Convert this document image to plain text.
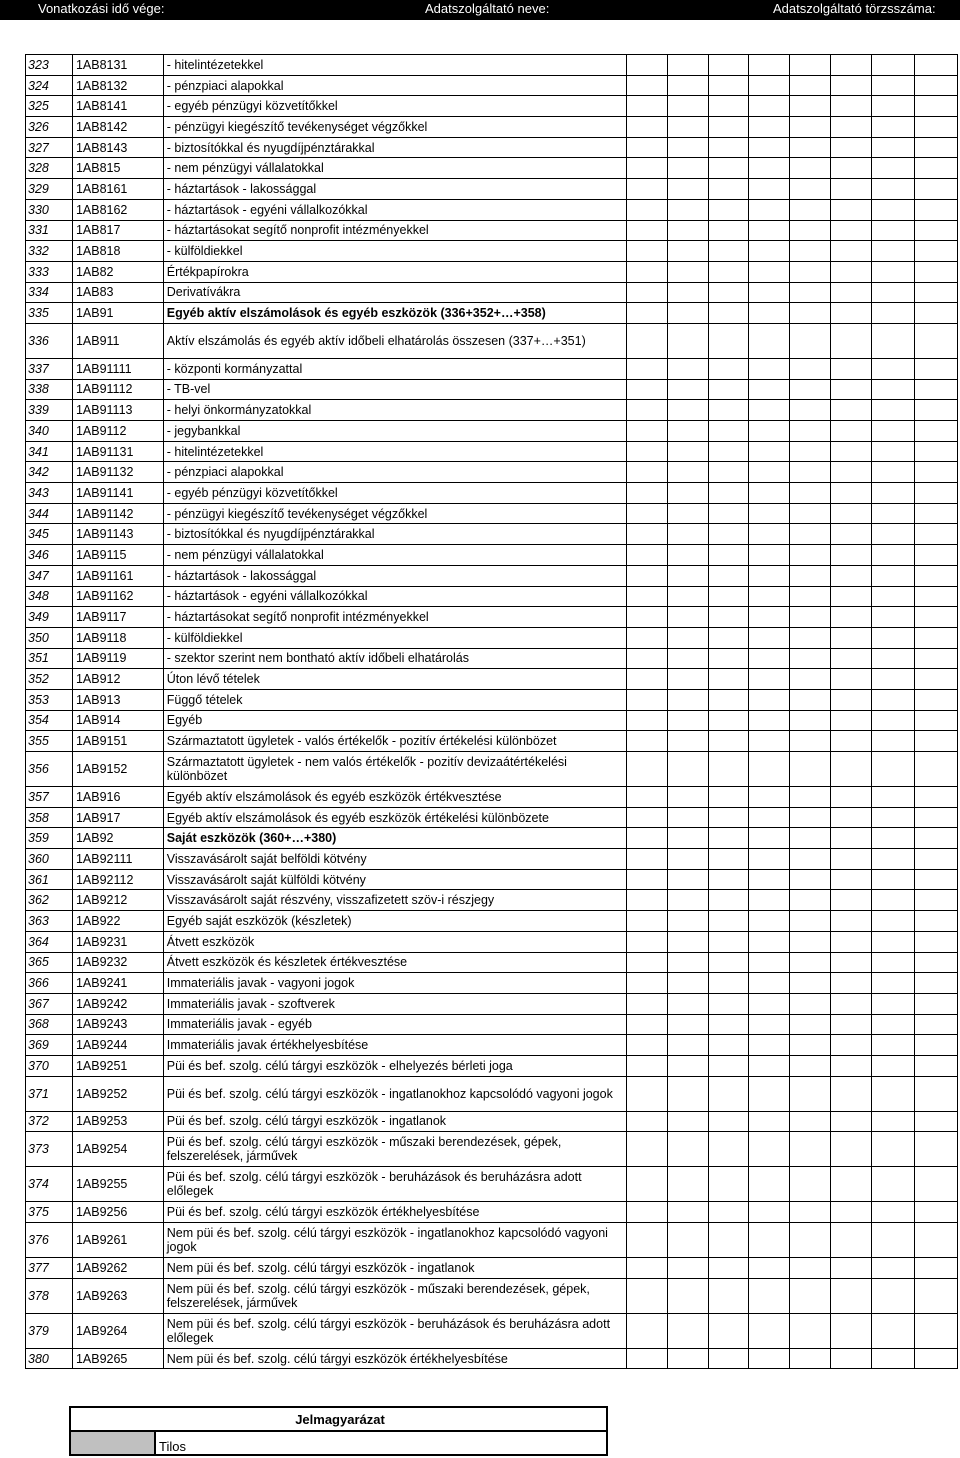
Vonatkozási idő vége:	Adatszolgáltató neve:	Adatszolgáltató törzsszáma:
323	1AB8131	- hitelintézetekkel								
324	1AB8132	- pénzpiaci alapokkal								
325	1AB8141	- egyéb pénzügyi közvetítőkkel								
326	1AB8142	- pénzügyi kiegészítő tevékenységet végzőkkel								
327	1AB8143	- biztosítókkal és nyugdíjpénztárakkal								
328	1AB815	- nem pénzügyi vállalatokkal								
329	1AB8161	- háztartások - lakossággal								
330	1AB8162	- háztartások - egyéni vállalkozókkal								
331	1AB817	- háztartásokat segítő nonprofit intézményekkel								
332	1AB818	- külföldiekkel								
333	1AB82	Értékpapírokra								
334	1AB83	Derivatívákra								
335	1AB91	Egyéb aktív elszámolások és egyéb eszközök (336+352+…+358)								
336	1AB911	Aktív elszámolás és egyéb aktív időbeli elhatárolás összesen (337+…+351)								
337	1AB91111	- központi kormányzattal								
338	1AB91112	- TB-vel								
339	1AB91113	- helyi önkormányzatokkal								
340	1AB9112	- jegybankkal								
341	1AB91131	- hitelintézetekkel								
342	1AB91132	- pénzpiaci alapokkal								
343	1AB91141	- egyéb pénzügyi közvetítőkkel								
344	1AB91142	- pénzügyi kiegészítő tevékenységet végzőkkel								
345	1AB91143	- biztosítókkal és nyugdíjpénztárakkal								
346	1AB9115	- nem pénzügyi vállalatokkal								
347	1AB91161	- háztartások - lakossággal								
348	1AB91162	- háztartások - egyéni vállalkozókkal								
349	1AB9117	- háztartásokat segítő nonprofit intézményekkel								
350	1AB9118	- külföldiekkel								
351	1AB9119	- szektor szerint nem bontható aktív időbeli elhatárolás								
352	1AB912	Úton lévő tételek								
353	1AB913	Függő tételek								
354	1AB914	Egyéb								
355	1AB9151	Származtatott ügyletek - valós értékelők - pozitív értékelési különbözet								
356	1AB9152	Származtatott ügyletek - nem valós értékelők - pozitív devizaátértékelési különbözet								
357	1AB916	Egyéb aktív elszámolások és egyéb eszközök értékvesztése								
358	1AB917	Egyéb aktív elszámolások és egyéb eszközök értékelési különbözete								
359	1AB92	Saját eszközök (360+…+380)								
360	1AB92111	Visszavásárolt saját belföldi kötvény								
361	1AB92112	Visszavásárolt saját külföldi kötvény								
362	1AB9212	Visszavásárolt saját részvény, visszafizetett szöv-i részjegy								
363	1AB922	Egyéb saját eszközök (készletek)								
364	1AB9231	Átvett eszközök								
365	1AB9232	Átvett eszközök és készletek értékvesztése								
366	1AB9241	Immateriális javak - vagyoni jogok								
367	1AB9242	Immateriális javak - szoftverek								
368	1AB9243	Immateriális javak - egyéb								
369	1AB9244	Immateriális javak értékhelyesbítése								
370	1AB9251	Püi és bef. szolg. célú tárgyi eszközök - elhelyezés bérleti joga								
371	1AB9252	Püi és bef. szolg. célú tárgyi eszközök - ingatlanokhoz kapcsolódó vagyoni jogok								
372	1AB9253	Püi és bef. szolg. célú tárgyi eszközök - ingatlanok								
373	1AB9254	Püi és bef. szolg. célú tárgyi eszközök - műszaki berendezések, gépek, felszerelések, járművek								
374	1AB9255	Püi és bef. szolg. célú tárgyi eszközök - beruházások és beruházásra adott előlegek								
375	1AB9256	Püi és bef. szolg. célú tárgyi eszközök értékhelyesbítése								
376	1AB9261	Nem püi és bef. szolg. célú tárgyi eszközök - ingatlanokhoz kapcsolódó vagyoni jogok								
377	1AB9262	Nem püi és bef. szolg. célú tárgyi eszközök - ingatlanok								
378	1AB9263	Nem püi és bef. szolg. célú tárgyi eszközök - műszaki berendezések, gépek, felszerelések, járművek								
379	1AB9264	Nem püi és bef. szolg. célú tárgyi eszközök - beruházások és beruházásra adott előlegek								
380	1AB9265	Nem püi és bef. szolg. célú tárgyi eszközök értékhelyesbítése								
Jelmagyarázat
	Tilos
